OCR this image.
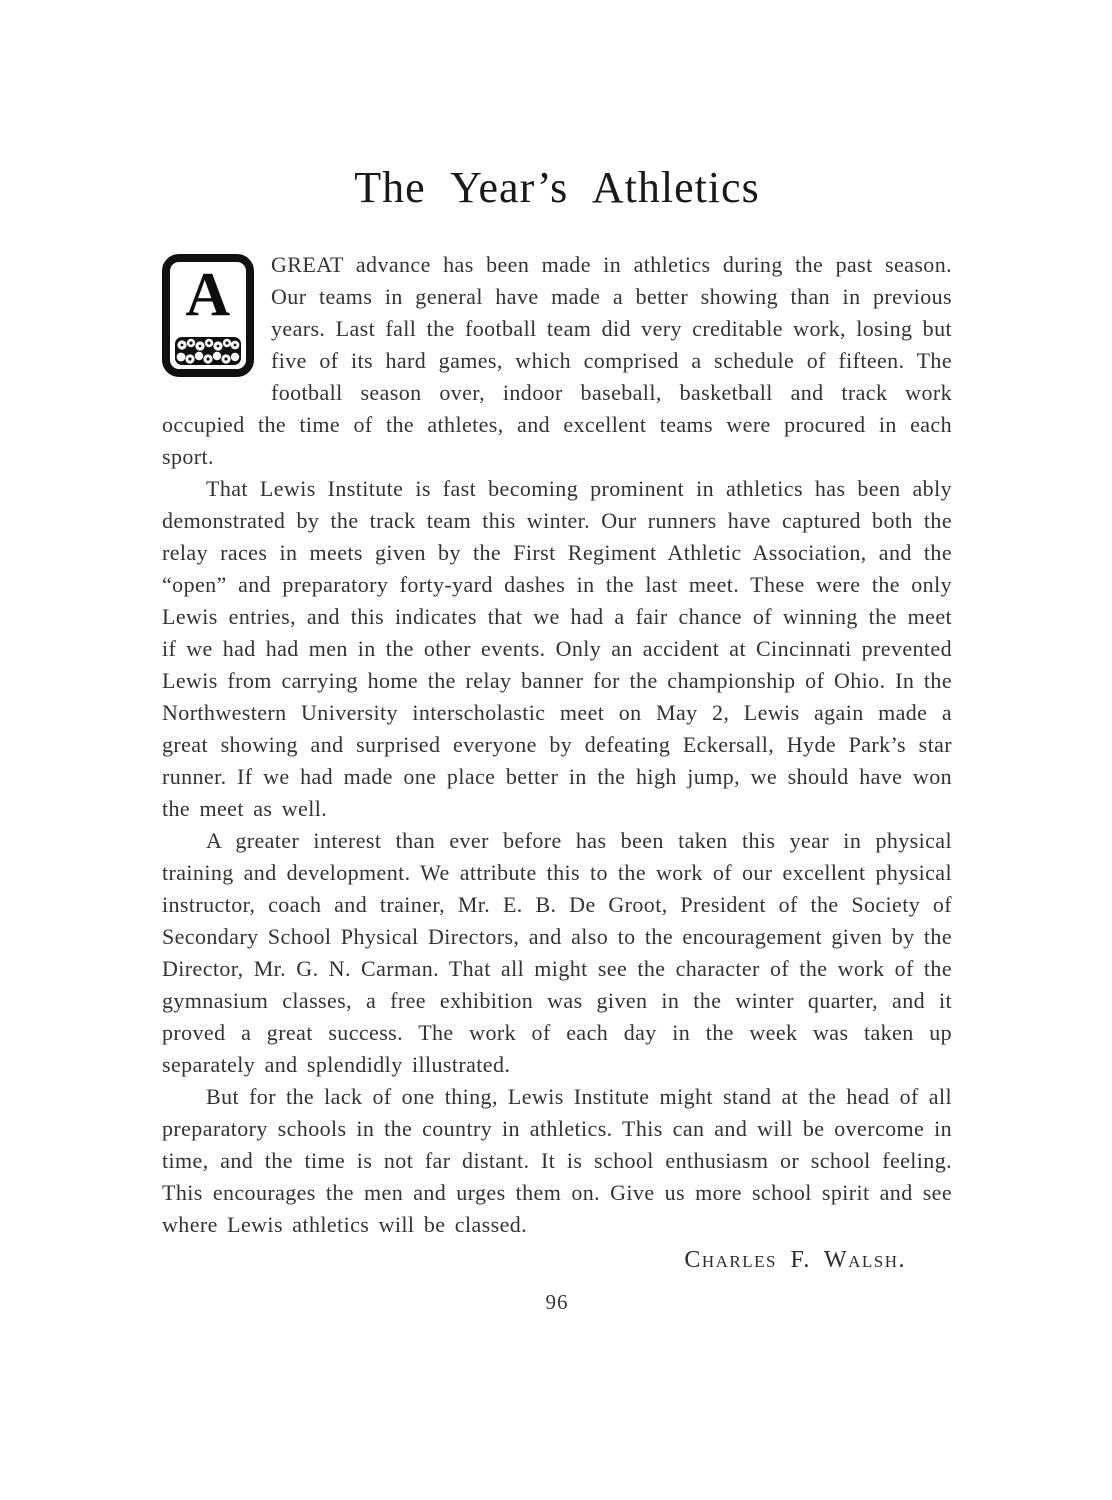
The Year’s Athletics

A GREAT advance has been made in athletics during the past season. Our teams in general have made a better showing than in previous years. Last fall the football team did very creditable work, losing but five of its hard games, which comprised a schedule of fifteen. The football season over, indoor baseball, basketball and track work occupied the time of the athletes, and excellent teams were procured in each sport.

That Lewis Institute is fast becoming prominent in athletics has been ably demonstrated by the track team this winter. Our runners have captured both the relay races in meets given by the First Regiment Athletic Association, and the “open” and preparatory forty-yard dashes in the last meet. These were the only Lewis entries, and this indicates that we had a fair chance of winning the meet if we had had men in the other events. Only an accident at Cincinnati prevented Lewis from carrying home the relay banner for the championship of Ohio. In the Northwestern University interscholastic meet on May 2, Lewis again made a great showing and surprised everyone by defeating Eckersall, Hyde Park’s star runner. If we had made one place better in the high jump, we should have won the meet as well.

A greater interest than ever before has been taken this year in physical training and development. We attribute this to the work of our excellent physical instructor, coach and trainer, Mr. E. B. De Groot, President of the Society of Secondary School Physical Directors, and also to the encouragement given by the Director, Mr. G. N. Carman. That all might see the character of the work of the gymnasium classes, a free exhibition was given in the winter quarter, and it proved a great success. The work of each day in the week was taken up separately and splendidly illustrated.

But for the lack of one thing, Lewis Institute might stand at the head of all preparatory schools in the country in athletics. This can and will be overcome in time, and the time is not far distant. It is school enthusiasm or school feeling. This encourages the men and urges them on. Give us more school spirit and see where Lewis athletics will be classed.

Charles F. Walsh.
96
